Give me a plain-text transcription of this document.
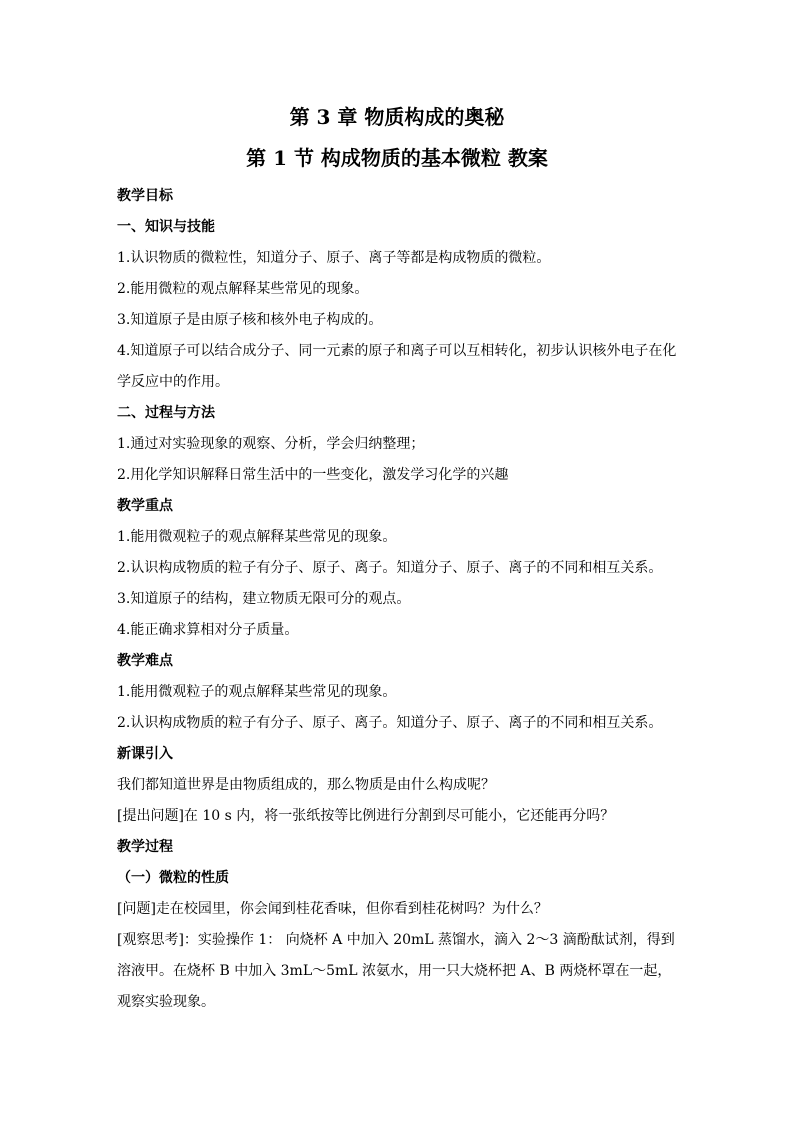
第 3 章 物质构成的奥秘
第 1 节 构成物质的基本微粒 教案

教学目标

一、知识与技能

1.认识物质的微粒性，知道分子、原子、离子等都是构成物质的微粒。

2.能用微粒的观点解释某些常见的现象。

3.知道原子是由原子核和核外电子构成的。

4.知道原子可以结合成分子、同一元素的原子和离子可以互相转化，初步认识核外电子在化学反应中的作用。

二、过程与方法

1.通过对实验现象的观察、分析，学会归纳整理；

2.用化学知识解释日常生活中的一些变化，激发学习化学的兴趣

教学重点

1.能用微观粒子的观点解释某些常见的现象。

2.认识构成物质的粒子有分子、原子、离子。知道分子、原子、离子的不同和相互关系。

3.知道原子的结构，建立物质无限可分的观点。

4.能正确求算相对分子质量。

教学难点

1.能用微观粒子的观点解释某些常见的现象。

2.认识构成物质的粒子有分子、原子、离子。知道分子、原子、离子的不同和相互关系。

新课引入

我们都知道世界是由物质组成的，那么物质是由什么构成呢？

[提出问题]在 10 s 内，将一张纸按等比例进行分割到尽可能小，它还能再分吗？

教学过程

（一）微粒的性质

[问题]走在校园里，你会闻到桂花香味，但你看到桂花树吗？为什么？

[观察思考]：实验操作 1： 向烧杯 A 中加入 20mL 蒸馏水，滴入 2～3 滴酚酞试剂，得到溶液甲。在烧杯 B 中加入 3mL～5mL 浓氨水，用一只大烧杯把 A、B 两烧杯罩在一起，观察实验现象。
